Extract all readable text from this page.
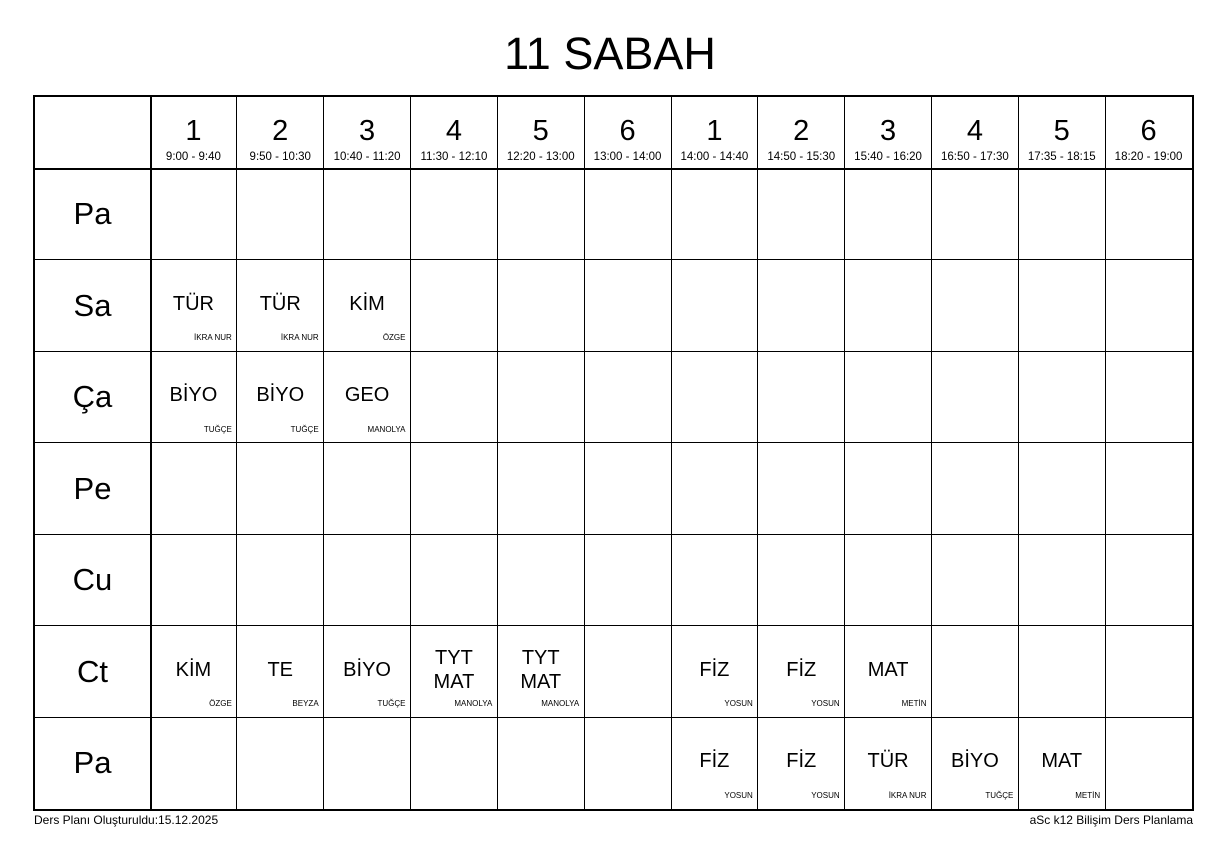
11 SABAH
1
9:00 - 9:40
2
9:50 - 10:30
3
10:40 - 11:20
4
11:30 - 12:10
5
12:20 - 13:00
6
13:00 - 14:00
1
14:00 - 14:40
2
14:50 - 15:30
3
15:40 - 16:20
4
16:50 - 17:30
5
17:35 - 18:15
6
18:20 - 19:00
Pa
Sa
Ça
Pe
Cu
Ct
Pa
TÜR
İKRA NUR
TÜR
İKRA NUR
KİM
ÖZGE
BİYO
TUĞÇE
BİYO
TUĞÇE
GEO
MANOLYA
KİM
ÖZGE
TE
BEYZA
BİYO
TUĞÇE
TYT
MAT
MANOLYA
TYT
MAT
MANOLYA
FİZ
YOSUN
FİZ
YOSUN
MAT
METİN
FİZ
YOSUN
FİZ
YOSUN
TÜR
İKRA NUR
BİYO
TUĞÇE
MAT
METİN
Ders Planı Oluşturuldu:15.12.2025	aSc k12 Bilişim Ders Planlama
